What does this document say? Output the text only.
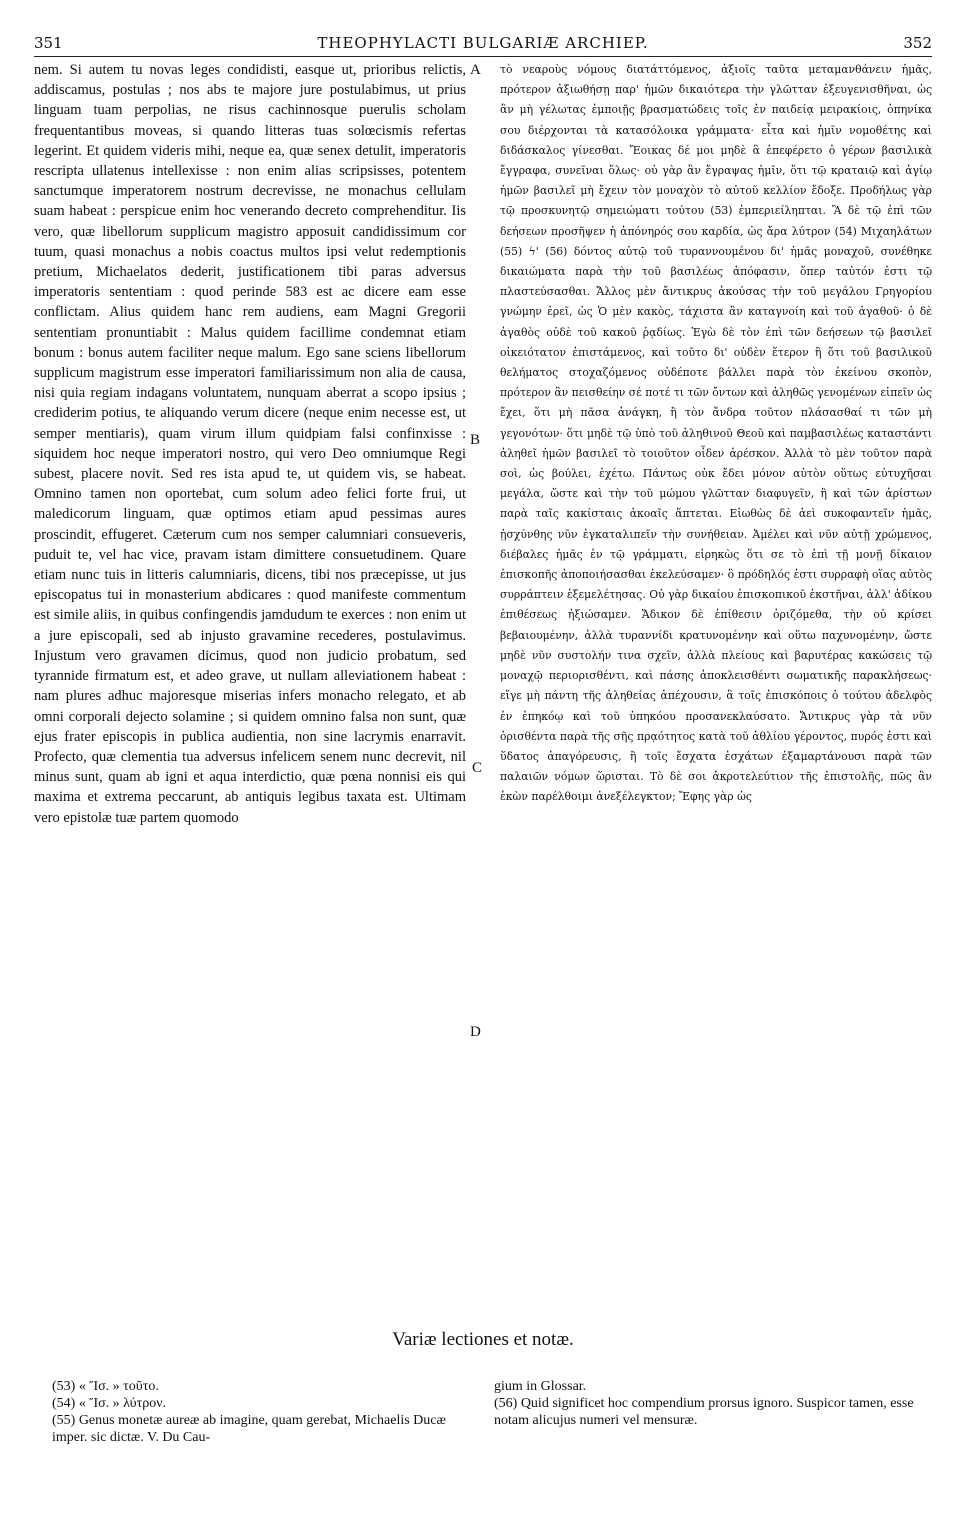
351	THEOPHYLACTI BULGARIÆ ARCHIEP.	352

nem. Si autem tu novas leges condidisti, easque ut, prioribus relictis, addiscamus, postulas ; nos abs te majore jure postulabimus, ut prius linguam tuam perpolias, ne risus cachinnosque puerulis scholam frequentantibus moveas, si quando litteras tuas solœcismis refertas legerint. Et quidem videris mihi, neque ea, quæ senex detulit, imperatoris rescripta ullatenus intellexisse : non enim alias scripsisses, potentem sanctumque imperatorem nostrum decrevisse, ne monachus cellulam suam habeat : perspicue enim hoc venerando decreto comprehenditur. Iis vero, quæ libellorum supplicum magistro apposuit candidissimum cor tuum, quasi monachus a nobis coactus multos ipsi velut redemptionis pretium, Michaelatos dederit, justificationem tibi paras adversus imperatoris sententiam : quod perinde 583 est ac dicere eam esse conflictam. Alius quidem hanc rem audiens, eam Magni Gregorii sententiam pronuntiabit : Malus quidem facillime condemnat etiam bonum : bonus autem faciliter neque malum. Ego sane sciens libellorum supplicum magistrum esse imperatori familiarissimum non alia de causa, nisi quia regiam indagans voluntatem, nunquam aberrat a scopo ipsius ; crediderim potius, te aliquando verum dicere (neque enim necesse est, ut semper mentiaris), quam virum illum quidpiam falsi confinxisse : siquidem hoc neque imperatori nostro, qui vero Deo omniumque Regi subest, placere novit. Sed res ista apud te, ut quidem vis, se habeat. Omnino tamen non oportebat, cum solum adeo felici forte frui, ut maledicorum linguam, quæ optimos etiam apud pessimas aures proscindit, effugeret. Cæterum cum nos semper calumniari consueveris, puduit te, vel hac vice, pravam istam dimittere consuetudinem. Quare etiam nunc tuis in litteris calumniaris, dicens, tibi nos præcepisse, ut jus episcopatus tui in monasterium abdicares : quod manifeste commentum est simile aliis, in quibus confingendis jamdudum te exerces : non enim ut a jure episcopali, sed ab injusto gravamine recederes, postulavimus. Injustum vero gravamen dicimus, quod non judicio probatum, sed tyrannide firmatum est, et adeo grave, ut nullam alleviationem habeat : nam plures adhuc majoresque miserias infers monacho relegato, et ab omni corporali dejecto solamine ; si quidem omnino falsa non sunt, quæ ejus frater episcopis in publica audientia, non sine lacrymis enarravit. Profecto, quæ clementia tua adversus infelicem senem nunc decrevit, nil minus sunt, quam ab igni et aqua interdictio, quæ pœna nonnisi eis qui maxima et extrema peccarunt, ab antiquis legibus taxata est. Ultimam vero epistolæ tuæ partem quomodo

A
B
C
D

τὸ νεαροὺς νόμους διατάττόμενος, ἀξιοῖς ταῦτα μεταμανθάνειν ἡμᾶς, πρότερον ἀξιωθήσῃ παρ' ἡμῶν δικαιότερα τὴν γλῶτταν ἐξευγενισθῆναι, ὡς ἂν μὴ γέλωτας ἐμποιῇς βρασματώδεις τοῖς ἐν παιδείᾳ μειρακίοις, ὁπηνίκα σου διέρχονται τὰ κατασόλοικα γράμματα· εἶτα καὶ ἡμῖν νομοθέτης καὶ διδάσκαλος γίνεσθαι. Ἔοικας δέ μοι μηδὲ ἃ ἐπεφέρετο ὁ γέρων βασιλικὰ ἔγγραφα, συνεῖναι ὅλως· οὐ γὰρ ἂν ἔγραψας ἡμῖν, ὅτι τῷ κραταιῷ καὶ ἁγίῳ ἡμῶν βασιλεῖ μὴ ἔχειν τὸν μοναχὸν τὸ αὐτοῦ κελλίον ἔδοξε. Προδήλως γὰρ τῷ προσκυνητῷ σημειώματι τούτου (53) ἐμπεριείληπται. Ἃ δὲ τῷ ἐπὶ τῶν δεήσεων προσῆψεν ἡ ἀπόνηρός σου καρδία, ὡς ἄρα λύτρον (54) Μιχαηλάτων (55) ϟ' (56) δόντος αὐτῷ τοῦ τυραννουμένου δι' ἡμᾶς μοναχοῦ, συνέθηκε δικαιώματα παρὰ τὴν τοῦ βασιλέως ἀπόφασιν, ὅπερ ταὐτόν ἐστι τῷ πλαστεύσασθαι. Ἄλλος μὲν ἄντικρυς ἀκούσας τὴν τοῦ μεγάλου Γρηγορίου γνώμην ἐρεῖ, ὡς Ὁ μὲν κακὸς, τάχιστα ἂν καταγνοίη καὶ τοῦ ἀγαθοῦ· ὁ δὲ ἀγαθὸς οὐδὲ τοῦ κακοῦ ῥᾳδίως. Ἐγὼ δὲ τὸν ἐπὶ τῶν δεήσεων τῷ βασιλεῖ οἰκειότατον ἐπιστάμενος, καὶ τοῦτο δι' οὐδὲν ἕτερον ἢ ὅτι τοῦ βασιλικοῦ θελήματος στοχαζόμενος οὐδέποτε βάλλει παρὰ τὸν ἐκείνου σκοπὸν, πρότερον ἂν πεισθείην σέ ποτέ τι τῶν ὄντων καὶ ἀληθῶς γενομένων εἰπεῖν ὡς ἔχει, ὅτι μὴ πᾶσα ἀνάγκη, ἢ τὸν ἄνδρα τοῦτον πλάσασθαί τι τῶν μὴ γεγονότων· ὅτι μηδὲ τῷ ὑπὸ τοῦ ἀληθινοῦ Θεοῦ καὶ παμβασιλέως καταστάντι ἀληθεῖ ἡμῶν βασιλεῖ τὸ τοιοῦτον οἶδεν ἀρέσκον. Ἀλλὰ τὸ μὲν τοῦτον παρὰ σοὶ, ὡς βούλει, ἐχέτω. Πάντως οὐκ ἔδει μόνον αὐτὸν οὕτως εὐτυχῆσαι μεγάλα, ὥστε καὶ τὴν τοῦ μώμου γλῶτταν διαφυγεῖν, ἣ καὶ τῶν ἀρίστων παρὰ ταῖς κακίσταις ἀκοαῖς ἅπτεται. Εἰωθὼς δὲ ἀεὶ συκοφαντεῖν ἡμᾶς, ᾐσχύνθης νῦν ἐγκαταλιπεῖν τὴν συνήθειαν. Ἀμέλει καὶ νῦν αὐτῇ χρώμενος, διέβαλες ἡμᾶς ἐν τῷ γράμματι, εἰρηκὼς ὅτι σε τὸ ἐπὶ τῇ μονῇ δίκαιον ἐπισκοπῆς ἀποποιήσασθαι ἐκελεύσαμεν· ὃ πρόδηλός ἐστι συρραφὴ οἵας αὐτὸς συρράπτειν ἐξεμελέτησας. Οὐ γὰρ δικαίου ἐπισκοπικοῦ ἐκστῆναι, ἀλλ' ἀδίκου ἐπιθέσεως ἠξιώσαμεν. Ἄδικον δὲ ἐπίθεσιν ὁριζόμεθα, τὴν οὐ κρίσει βεβαιουμένην, ἀλλὰ τυραννίδι κρατυνομένην καὶ οὕτω παχυνομένην, ὥστε μηδὲ νῦν συστολήν τινα σχεῖν, ἀλλὰ πλείους καὶ βαρυτέρας κακώσεις τῷ μοναχῷ περιορισθέντι, καὶ πάσης ἀποκλεισθέντι σωματικῆς παρακλήσεως· εἴγε μὴ πάντη τῆς ἀληθείας ἀπέχουσιν, ἃ τοῖς ἐπισκόποις ὁ τούτου ἀδελφὸς ἐν ἐπηκόῳ καὶ τοῦ ὑπηκόου προσανεκλαύσατο. Ἄντικρυς γὰρ τὰ νῦν ὁρισθέντα παρὰ τῆς σῆς πρᾳότητος κατὰ τοῦ ἀθλίου γέροντος, πυρός ἐστι καὶ ὕδατος ἀπαγόρευσις, ἢ τοῖς ἔσχατα ἐσχάτων ἐξαμαρτάνουσι παρὰ τῶν παλαιῶν νόμων ὥρισται. Τὸ δὲ σοι ἀκροτελεύτιον τῆς ἐπιστολῆς, πῶς ἂν ἑκὼν παρέλθοιμι ἀνεξέλεγκτον; Ἔφης γὰρ ὡς

Variæ lectiones et notæ.
(53) « Ἴσ. » τοῦτο.
(54) « Ἴσ. » λύτρον.
(55) Genus monetæ aureæ ab imagine, quam gerebat, Michaelis Ducæ imper. sic dictæ. V. Du Cau-
gium in Glossar.
(56) Quid significet hoc compendium prorsus ignoro. Suspicor tamen, esse notam alicujus numeri vel mensuræ.
